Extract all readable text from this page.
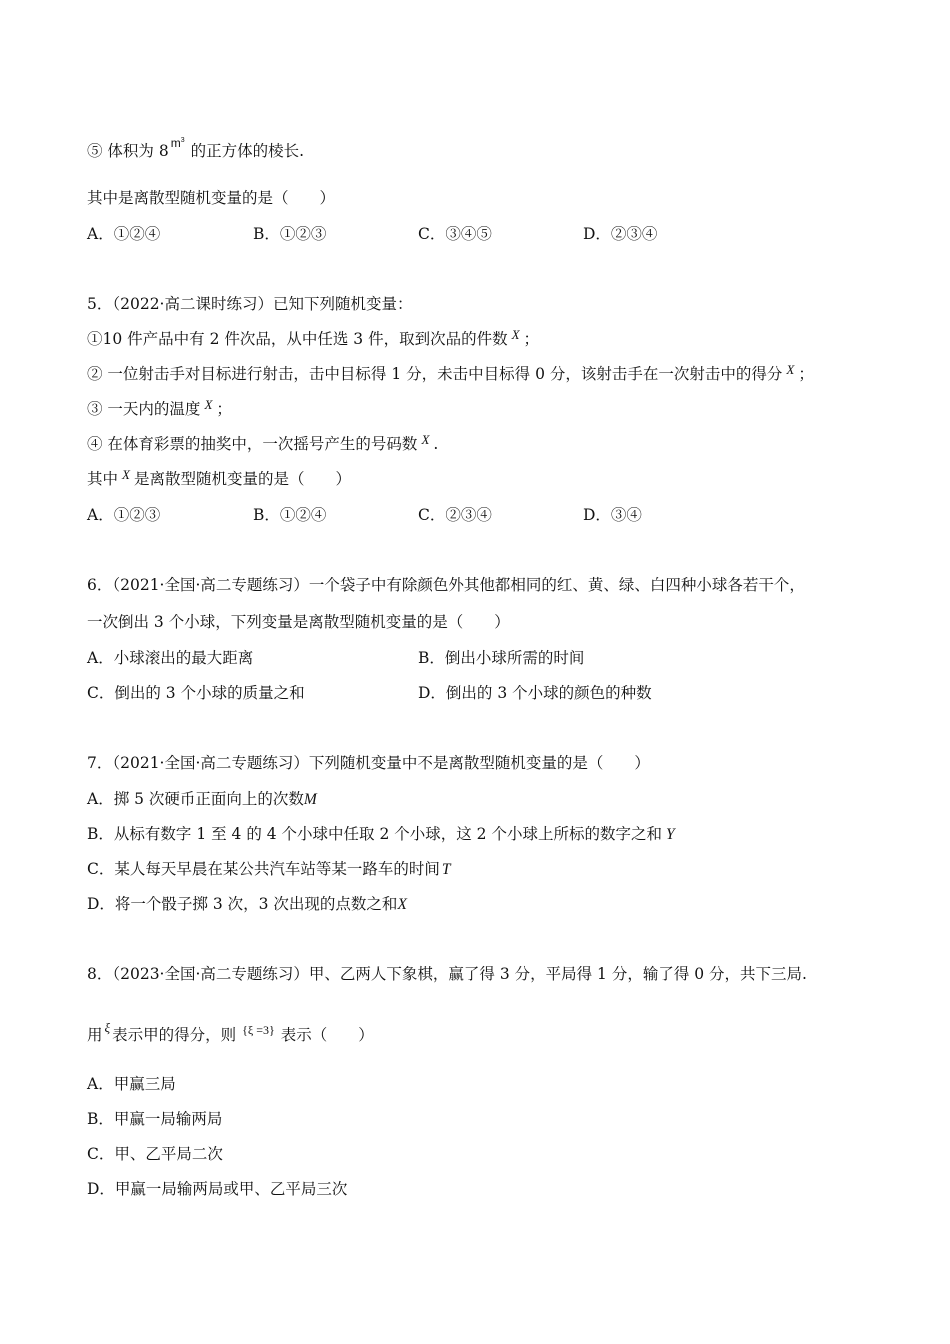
⑤ 体积为 8 $^{m^3}$的正方体的棱长.
其中是离散型随机变量的是（　　）
A．①②④	B．①②③	C．③④⑤	D．②③④
5．（2022·高二课时练习）已知下列随机变量：
①10 件产品中有 2 件次品，从中任选 3 件，取到次品的件数 $^X$ ；
② 一位射击手对目标进行射击，击中目标得 1 分，未击中目标得 0 分，该射击手在一次射击中的得分 $^X$ ；
③ 一天内的温度 $^X$ ；
④ 在体育彩票的抽奖中，一次摇号产生的号码数 $^X$ .
其中 $^X$ 是离散型随机变量的是（　　）
A．①②③	B．①②④	C．②③④	D．③④
6．（2021·全国·高二专题练习）一个袋子中有除颜色外其他都相同的红、黄、绿、白四种小球各若干个，
一次倒出 3 个小球，下列变量是离散型随机变量的是（　　）
A．小球滚出的最大距离	B．倒出小球所需的时间
C．倒出的 3 个小球的质量之和	D．倒出的 3 个小球的颜色的种数
7．（2021·全国·高二专题练习）下列随机变量中不是离散型随机变量的是（　　）
A．掷 5 次硬币正面向上的次数M
B．从标有数字 1 至 4 的 4 个小球中任取 2 个小球，这 2 个小球上所标的数字之和 Y
C．某人每天早晨在某公共汽车站等某一路车的时间 T
D．将一个骰子掷 3 次，3 次出现的点数之和X
8．（2023·全国·高二专题练习）甲、乙两人下象棋，赢了得 3 分，平局得 1 分，输了得 0 分，共下三局.
用 $^\xi$ 表示甲的得分，则 $^{\{\xi =3\}}$ 表示（　　）
A．甲赢三局
B．甲赢一局输两局
C．甲、乙平局二次
D．甲赢一局输两局或甲、乙平局三次
